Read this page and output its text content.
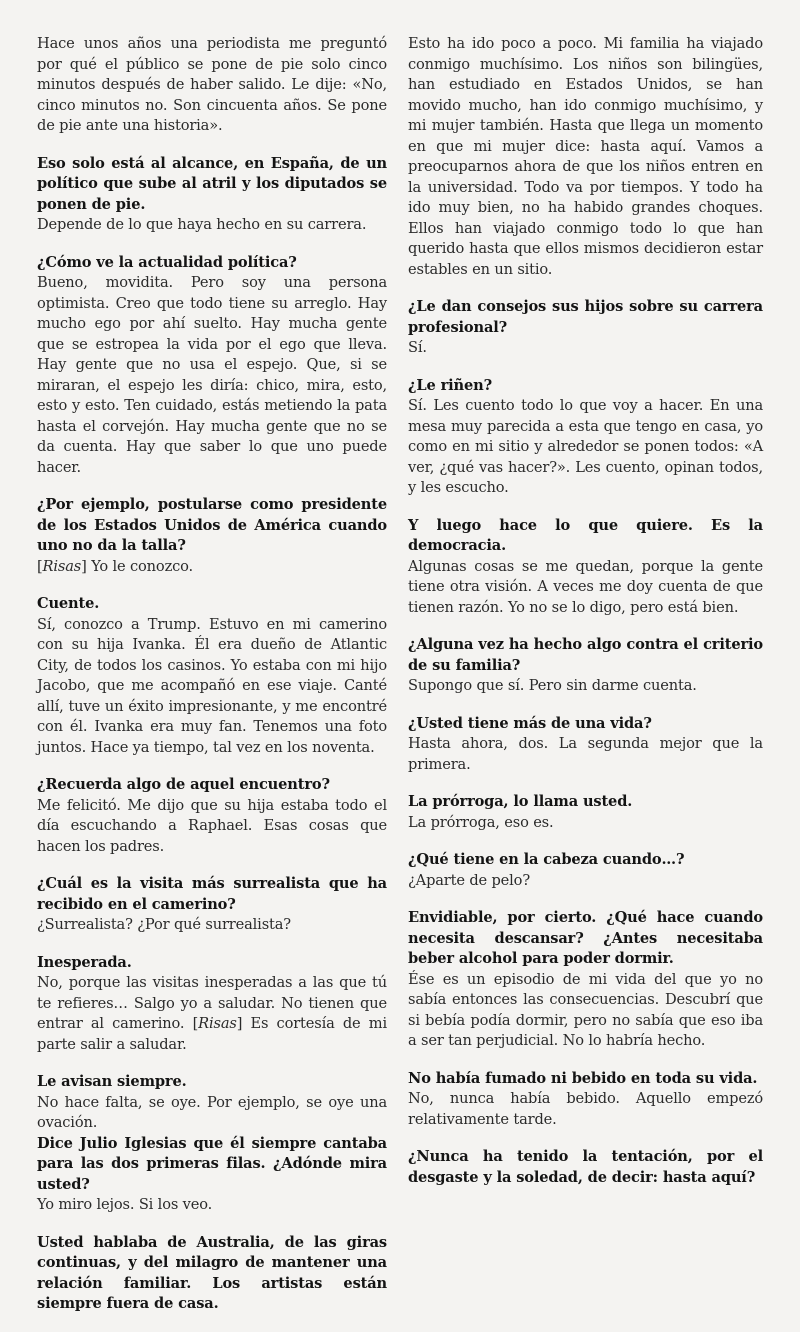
Hace unos años una periodista me preguntó por qué el público se pone de pie solo cinco minutos después de haber salido. Le dije: «No, cinco minutos no. Son cincuenta años. Se pone de pie ante una historia».
Eso solo está al alcance, en España, de un político que sube al atril y los diputados se ponen de pie.
Depende de lo que haya hecho en su carrera.
¿Cómo ve la actualidad política?
Bueno, movidita. Pero soy una persona optimista. Creo que todo tiene su arreglo. Hay mucho ego por ahí suelto. Hay mucha gente que se estropea la vida por el ego que lleva. Hay gente que no usa el espejo. Que, si se miraran, el espejo les diría: chico, mira, esto, esto y esto. Ten cuidado, estás metiendo la pata hasta el corvejón. Hay mucha gente que no se da cuenta. Hay que saber lo que uno puede hacer.
¿Por ejemplo, postularse como presidente de los Estados Unidos de América cuando uno no da la talla?
[Risas] Yo le conozco.
Cuente.
Sí, conozco a Trump. Estuvo en mi camerino con su hija Ivanka. Él era dueño de Atlantic City, de todos los casinos. Yo estaba con mi hijo Jacobo, que me acompañó en ese viaje. Canté allí, tuve un éxito impresionante, y me encontré con él. Ivanka era muy fan. Tenemos una foto juntos. Hace ya tiempo, tal vez en los noventa.
¿Recuerda algo de aquel encuentro?
Me felicitó. Me dijo que su hija estaba todo el día escuchando a Raphael. Esas cosas que hacen los padres.
¿Cuál es la visita más surrealista que ha recibido en el camerino?
¿Surrealista? ¿Por qué surrealista?
Inesperada.
No, porque las visitas inesperadas a las que tú te refieres… Salgo yo a saludar. No tienen que entrar al camerino. [Risas] Es cortesía de mi parte salir a saludar.
Le avisan siempre.
No hace falta, se oye. Por ejemplo, se oye una ovación.
Dice Julio Iglesias que él siempre cantaba para las dos primeras filas. ¿Adónde mira usted?
Yo miro lejos. Si los veo.
Usted hablaba de Australia, de las giras continuas, y del milagro de mantener una relación familiar. Los artistas están siempre fuera de casa.
Esto ha ido poco a poco. Mi familia ha viajado conmigo muchísimo. Los niños son bilingües, han estudiado en Estados Unidos, se han movido mucho, han ido conmigo muchísimo, y mi mujer también. Hasta que llega un momento en que mi mujer dice: hasta aquí. Vamos a preocuparnos ahora de que los niños entren en la universidad. Todo va por tiempos. Y todo ha ido muy bien, no ha habido grandes choques. Ellos han viajado conmigo todo lo que han querido hasta que ellos mismos decidieron estar estables en un sitio.
¿Le dan consejos sus hijos sobre su carrera profesional?
Sí.
¿Le riñen?
Sí. Les cuento todo lo que voy a hacer. En una mesa muy parecida a esta que tengo en casa, yo como en mi sitio y alrededor se ponen todos: «A ver, ¿qué vas hacer?». Les cuento, opinan todos, y les escucho.
Y luego hace lo que quiere. Es la democracia.
Algunas cosas se me quedan, porque la gente tiene otra visión. A veces me doy cuenta de que tienen razón. Yo no se lo digo, pero está bien.
¿Alguna vez ha hecho algo contra el criterio de su familia?
Supongo que sí. Pero sin darme cuenta.
¿Usted tiene más de una vida?
Hasta ahora, dos. La segunda mejor que la primera.
La prórroga, lo llama usted.
La prórroga, eso es.
¿Qué tiene en la cabeza cuando…?
¿Aparte de pelo?
Envidiable, por cierto. ¿Qué hace cuando necesita descansar? ¿Antes necesitaba beber alcohol para poder dormir.
Ése es un episodio de mi vida del que yo no sabía entonces las consecuencias. Descubrí que si bebía podía dormir, pero no sabía que eso iba a ser tan perjudicial. No lo habría hecho.
No había fumado ni bebido en toda su vida.
No, nunca había bebido. Aquello empezó relativamente tarde.
¿Nunca ha tenido la tentación, por el desgaste y la soledad, de decir: hasta aquí?
